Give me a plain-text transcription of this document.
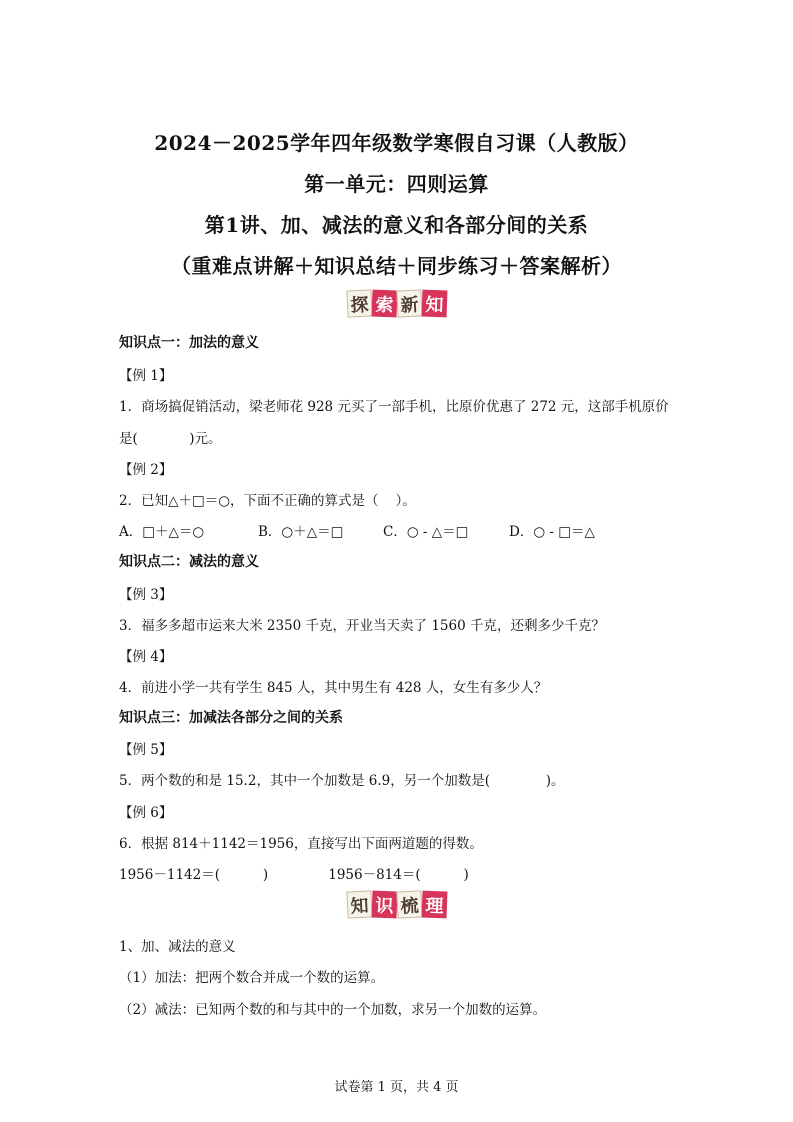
2024－2025学年四年级数学寒假自习课（人教版）
第一单元：四则运算
第1讲、加、减法的意义和各部分间的关系
（重难点讲解＋知识总结＋同步练习＋答案解析）
探 索 新 知
知识点一：加法的意义
【例 1】
1．商场搞促销活动，梁老师花 928 元买了一部手机，比原价优惠了 272 元，这部手机原价
是(            )元。
【例 2】
2．已知△＋□＝○，下面不正确的算式是（    ）。
A．□＋△＝○	B．○＋△＝□	C．○ - △＝□	D．○ - □＝△
知识点二：减法的意义
【例 3】
3．福多多超市运来大米 2350 千克，开业当天卖了 1560 千克，还剩多少千克？
【例 4】
4．前进小学一共有学生 845 人，其中男生有 428 人，女生有多少人？
知识点三：加减法各部分之间的关系
【例 5】
5．两个数的和是 15.2，其中一个加数是 6.9，另一个加数是(             )。
【例 6】
6．根据 814＋1142＝1956，直接写出下面两道题的得数。
1956－1142＝(          )              1956－814＝(          )
知 识 梳 理
1、加、减法的意义
（1）加法：把两个数合并成一个数的运算。
（2）减法：已知两个数的和与其中的一个加数，求另一个加数的运算。
试卷第 1 页，共 4 页
